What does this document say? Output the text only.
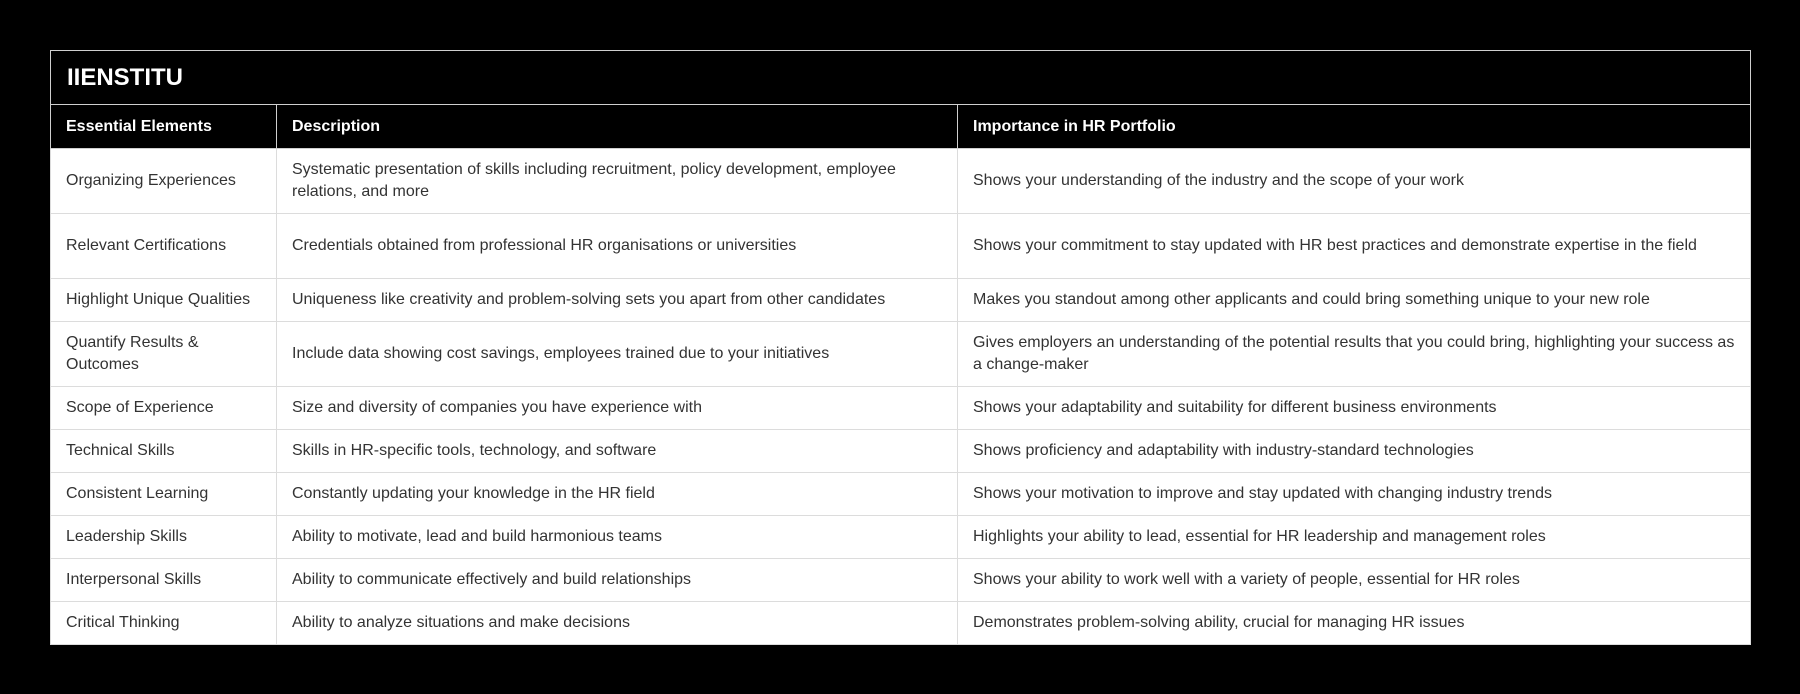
IIENSTITU		
Essential Elements	Description	Importance in HR Portfolio
Organizing Experiences	Systematic presentation of skills including recruitment, policy development, employee relations, and more	Shows your understanding of the industry and the scope of your work
Relevant Certifications	Credentials obtained from professional HR organisations or universities	Shows your commitment to stay updated with HR best practices and demonstrate expertise in the field
Highlight Unique Qualities	Uniqueness like creativity and problem-solving sets you apart from other candidates	Makes you standout among other applicants and could bring something unique to your new role
Quantify Results & Outcomes	Include data showing cost savings, employees trained due to your initiatives	Gives employers an understanding of the potential results that you could bring, highlighting your success as a change-maker
Scope of Experience	Size and diversity of companies you have experience with	Shows your adaptability and suitability for different business environments
Technical Skills	Skills in HR-specific tools, technology, and software	Shows proficiency and adaptability with industry-standard technologies
Consistent Learning	Constantly updating your knowledge in the HR field	Shows your motivation to improve and stay updated with changing industry trends
Leadership Skills	Ability to motivate, lead and build harmonious teams	Highlights your ability to lead, essential for HR leadership and management roles
Interpersonal Skills	Ability to communicate effectively and build relationships	Shows your ability to work well with a variety of people, essential for HR roles
Critical Thinking	Ability to analyze situations and make decisions	Demonstrates problem-solving ability, crucial for managing HR issues
